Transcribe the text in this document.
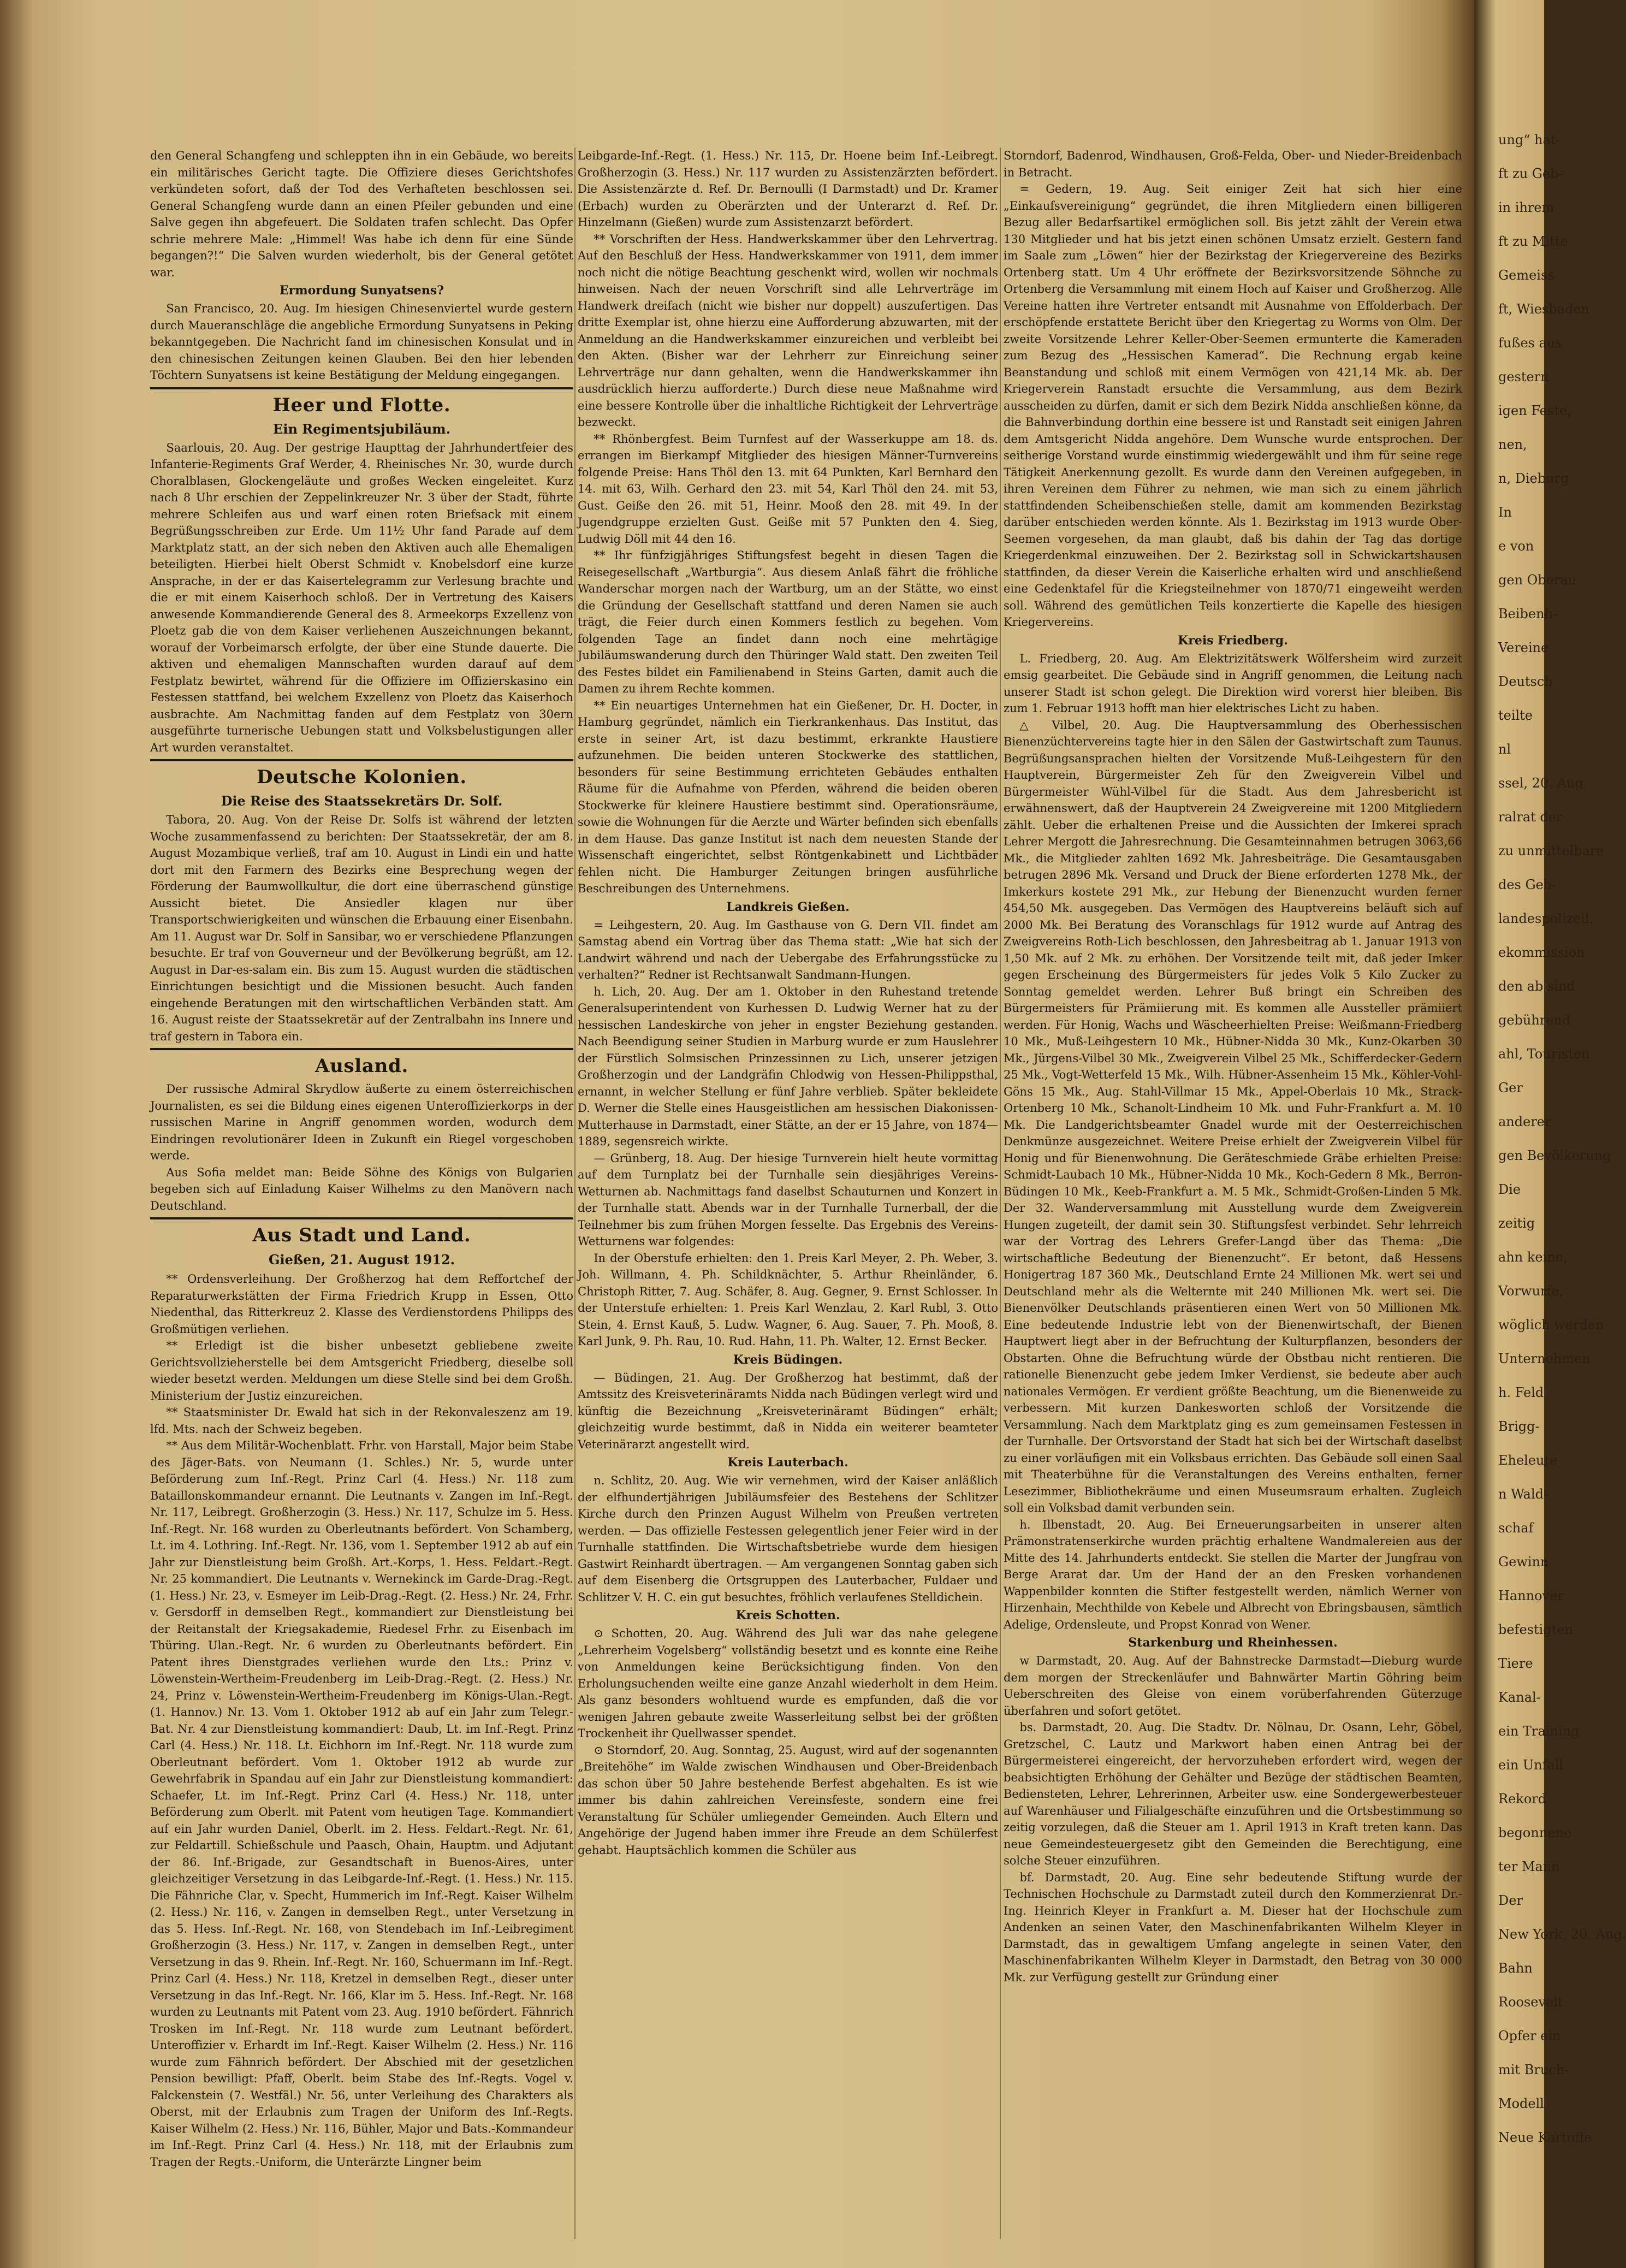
den General Schangfeng und schleppten ihn in ein Gebäude, wo bereits ein militärisches Gericht tagte. Die Offiziere dieses Gerichtshofes verkündeten sofort, daß der Tod des Verhafteten beschlossen sei. General Schangfeng wurde dann an einen Pfeiler gebunden und eine Salve gegen ihn abgefeuert. Die Soldaten trafen schlecht. Das Opfer schrie mehrere Male: „Himmel! Was habe ich denn für eine Sünde begangen?!“ Die Salven wurden wiederholt, bis der General getötet war.

Ermordung Sunyatsens?

San Francisco, 20. Aug. Im hiesigen Chinesenviertel wurde gestern durch Maueranschläge die angebliche Ermordung Sunyatsens in Peking bekanntgegeben. Die Nachricht fand im chinesischen Konsulat und in den chinesischen Zeitungen keinen Glauben. Bei den hier lebenden Töchtern Sunyatsens ist keine Bestätigung der Meldung eingegangen.

Heer und Flotte.
Ein Regimentsjubiläum.

Saarlouis, 20. Aug. Der gestrige Haupttag der Jahrhundertfeier des Infanterie-Regiments Graf Werder, 4. Rheinisches Nr. 30, wurde durch Choralblasen, Glockengeläute und großes Wecken eingeleitet. Kurz nach 8 Uhr erschien der Zeppelinkreuzer Nr. 3 über der Stadt, führte mehrere Schleifen aus und warf einen roten Briefsack mit einem Begrüßungsschreiben zur Erde. Um 11½ Uhr fand Parade auf dem Marktplatz statt, an der sich neben den Aktiven auch alle Ehemaligen beteiligten. Hierbei hielt Oberst Schmidt v. Knobelsdorf eine kurze Ansprache, in der er das Kaisertelegramm zur Verlesung brachte und die er mit einem Kaiserhoch schloß. Der in Vertretung des Kaisers anwesende Kommandierende General des 8. Armeekorps Exzellenz von Ploetz gab die von dem Kaiser verliehenen Auszeichnungen bekannt, worauf der Vorbeimarsch erfolgte, der über eine Stunde dauerte. Die aktiven und ehemaligen Mannschaften wurden darauf auf dem Festplatz bewirtet, während für die Offiziere im Offizierskasino ein Festessen stattfand, bei welchem Exzellenz von Ploetz das Kaiserhoch ausbrachte. Am Nachmittag fanden auf dem Festplatz von 30ern ausgeführte turnerische Uebungen statt und Volksbelustigungen aller Art wurden veranstaltet.

Deutsche Kolonien.
Die Reise des Staatssekretärs Dr. Solf.

Tabora, 20. Aug. Von der Reise Dr. Solfs ist während der letzten Woche zusammenfassend zu berichten: Der Staatssekretär, der am 8. August Mozambique verließ, traf am 10. August in Lindi ein und hatte dort mit den Farmern des Bezirks eine Besprechung wegen der Förderung der Baumwollkultur, die dort eine überraschend günstige Aussicht bietet. Die Ansiedler klagen nur über Transportschwierigkeiten und wünschen die Erbauung einer Eisenbahn. Am 11. August war Dr. Solf in Sansibar, wo er verschiedene Pflanzungen besuchte. Er traf von Gouverneur und der Bevölkerung begrüßt, am 12. August in Dar-es-salam ein. Bis zum 15. August wurden die städtischen Einrichtungen besichtigt und die Missionen besucht. Auch fanden eingehende Beratungen mit den wirtschaftlichen Verbänden statt. Am 16. August reiste der Staatssekretär auf der Zentralbahn ins Innere und traf gestern in Tabora ein.

Ausland.

Der russische Admiral Skrydlow äußerte zu einem österreichischen Journalisten, es sei die Bildung eines eigenen Unteroffizierkorps in der russischen Marine in Angriff genommen worden, wodurch dem Eindringen revolutionärer Ideen in Zukunft ein Riegel vorgeschoben werde.

Aus Sofia meldet man: Beide Söhne des Königs von Bulgarien begeben sich auf Einladung Kaiser Wilhelms zu den Manövern nach Deutschland.

Aus Stadt und Land.
Gießen, 21. August 1912.

** Ordensverleihung. Der Großherzog hat dem Reffortchef der Reparaturwerkstätten der Firma Friedrich Krupp in Essen, Otto Niedenthal, das Ritterkreuz 2. Klasse des Verdienstordens Philipps des Großmütigen verliehen.

** Erledigt ist die bisher unbesetzt gebliebene zweite Gerichtsvollzieherstelle bei dem Amtsgericht Friedberg, dieselbe soll wieder besetzt werden. Meldungen um diese Stelle sind bei dem Großh. Ministerium der Justiz einzureichen.

** Staatsminister Dr. Ewald hat sich in der Rekonvaleszenz am 19. lfd. Mts. nach der Schweiz begeben.

** Aus dem Militär-Wochenblatt. Frhr. von Harstall, Major beim Stabe des Jäger-Bats. von Neumann (1. Schles.) Nr. 5, wurde unter Beförderung zum Inf.-Regt. Prinz Carl (4. Hess.) Nr. 118 zum Bataillonskommandeur ernannt. Die Leutnants v. Zangen im Inf.-Regt. Nr. 117, Leibregt. Großherzogin (3. Hess.) Nr. 117, Schulze im 5. Hess. Inf.-Regt. Nr. 168 wurden zu Oberleutnants befördert. Von Schamberg, Lt. im 4. Lothring. Inf.-Regt. Nr. 136, vom 1. September 1912 ab auf ein Jahr zur Dienstleistung beim Großh. Art.-Korps, 1. Hess. Feldart.-Regt. Nr. 25 kommandiert. Die Leutnants v. Wernekinck im Garde-Drag.-Regt. (1. Hess.) Nr. 23, v. Esmeyer im Leib-Drag.-Regt. (2. Hess.) Nr. 24, Frhr. v. Gersdorff in demselben Regt., kommandiert zur Dienstleistung bei der Reitanstalt der Kriegsakademie, Riedesel Frhr. zu Eisenbach im Thüring. Ulan.-Regt. Nr. 6 wurden zu Oberleutnants befördert. Ein Patent ihres Dienstgrades verliehen wurde den Lts.: Prinz v. Löwenstein-Wertheim-Freudenberg im Leib-Drag.-Regt. (2. Hess.) Nr. 24, Prinz v. Löwenstein-Wertheim-Freudenberg im Königs-Ulan.-Regt. (1. Hannov.) Nr. 13. Vom 1. Oktober 1912 ab auf ein Jahr zum Telegr.-Bat. Nr. 4 zur Dienstleistung kommandiert: Daub, Lt. im Inf.-Regt. Prinz Carl (4. Hess.) Nr. 118. Lt. Eichhorn im Inf.-Regt. Nr. 118 wurde zum Oberleutnant befördert. Vom 1. Oktober 1912 ab wurde zur Gewehrfabrik in Spandau auf ein Jahr zur Dienstleistung kommandiert: Schaefer, Lt. im Inf.-Regt. Prinz Carl (4. Hess.) Nr. 118, unter Beförderung zum Oberlt. mit Patent vom heutigen Tage. Kommandiert auf ein Jahr wurden Daniel, Oberlt. im 2. Hess. Feldart.-Regt. Nr. 61, zur Feldartill. Schießschule und Paasch, Ohain, Hauptm. und Adjutant der 86. Inf.-Brigade, zur Gesandtschaft in Buenos-Aires, unter gleichzeitiger Versetzung in das Leibgarde-Inf.-Regt. (1. Hess.) Nr. 115. Die Fähnriche Clar, v. Specht, Hummerich im Inf.-Regt. Kaiser Wilhelm (2. Hess.) Nr. 116, v. Zangen in demselben Regt., unter Versetzung in das 5. Hess. Inf.-Regt. Nr. 168, von Stendebach im Inf.-Leibregiment Großherzogin (3. Hess.) Nr. 117, v. Zangen in demselben Regt., unter Versetzung in das 9. Rhein. Inf.-Regt. Nr. 160, Schuermann im Inf.-Regt. Prinz Carl (4. Hess.) Nr. 118, Kretzel in demselben Regt., dieser unter Versetzung in das Inf.-Regt. Nr. 166, Klar im 5. Hess. Inf.-Regt. Nr. 168 wurden zu Leutnants mit Patent vom 23. Aug. 1910 befördert. Fähnrich Trosken im Inf.-Regt. Nr. 118 wurde zum Leutnant befördert. Unteroffizier v. Erhardt im Inf.-Regt. Kaiser Wilhelm (2. Hess.) Nr. 116 wurde zum Fähnrich befördert. Der Abschied mit der gesetzlichen Pension bewilligt: Pfaff, Oberlt. beim Stabe des Inf.-Regts. Vogel v. Falckenstein (7. Westfäl.) Nr. 56, unter Verleihung des Charakters als Oberst, mit der Erlaubnis zum Tragen der Uniform des Inf.-Regts. Kaiser Wilhelm (2. Hess.) Nr. 116, Bühler, Major und Bats.-Kommandeur im Inf.-Regt. Prinz Carl (4. Hess.) Nr. 118, mit der Erlaubnis zum Tragen der Regts.-Uniform, die Unterärzte Lingner beim

Leibgarde-Inf.-Regt. (1. Hess.) Nr. 115, Dr. Hoene beim Inf.-Leibregt. Großherzogin (3. Hess.) Nr. 117 wurden zu Assistenzärzten befördert. Die Assistenzärzte d. Ref. Dr. Bernoulli (I Darmstadt) und Dr. Kramer (Erbach) wurden zu Oberärzten und der Unterarzt d. Ref. Dr. Hinzelmann (Gießen) wurde zum Assistenzarzt befördert.

** Vorschriften der Hess. Handwerkskammer über den Lehrvertrag. Auf den Beschluß der Hess. Handwerkskammer von 1911, dem immer noch nicht die nötige Beachtung geschenkt wird, wollen wir nochmals hinweisen. Nach der neuen Vorschrift sind alle Lehrverträge im Handwerk dreifach (nicht wie bisher nur doppelt) auszufertigen. Das dritte Exemplar ist, ohne hierzu eine Aufforderung abzuwarten, mit der Anmeldung an die Handwerkskammer einzureichen und verbleibt bei den Akten. (Bisher war der Lehrherr zur Einreichung seiner Lehrverträge nur dann gehalten, wenn die Handwerkskammer ihn ausdrücklich hierzu aufforderte.) Durch diese neue Maßnahme wird eine bessere Kontrolle über die inhaltliche Richtigkeit der Lehrverträge bezweckt.

** Rhönbergfest. Beim Turnfest auf der Wasserkuppe am 18. ds. errangen im Bierkampf Mitglieder des hiesigen Männer-Turnvereins folgende Preise: Hans Thöl den 13. mit 64 Punkten, Karl Bernhard den 14. mit 63, Wilh. Gerhard den 23. mit 54, Karl Thöl den 24. mit 53, Gust. Geiße den 26. mit 51, Heinr. Mooß den 28. mit 49. In der Jugendgruppe erzielten Gust. Geiße mit 57 Punkten den 4. Sieg, Ludwig Döll mit 44 den 16.

** Ihr fünfzigjähriges Stiftungsfest begeht in diesen Tagen die Reisegesellschaft „Wartburgia“. Aus diesem Anlaß fährt die fröhliche Wanderschar morgen nach der Wartburg, um an der Stätte, wo einst die Gründung der Gesellschaft stattfand und deren Namen sie auch trägt, die Feier durch einen Kommers festlich zu begehen. Vom folgenden Tage an findet dann noch eine mehrtägige Jubiläumswanderung durch den Thüringer Wald statt. Den zweiten Teil des Festes bildet ein Familienabend in Steins Garten, damit auch die Damen zu ihrem Rechte kommen.

** Ein neuartiges Unternehmen hat ein Gießener, Dr. H. Docter, in Hamburg gegründet, nämlich ein Tierkrankenhaus. Das Institut, das erste in seiner Art, ist dazu bestimmt, erkrankte Haustiere aufzunehmen. Die beiden unteren Stockwerke des stattlichen, besonders für seine Bestimmung errichteten Gebäudes enthalten Räume für die Aufnahme von Pferden, während die beiden oberen Stockwerke für kleinere Haustiere bestimmt sind. Operationsräume, sowie die Wohnungen für die Aerzte und Wärter befinden sich ebenfalls in dem Hause. Das ganze Institut ist nach dem neuesten Stande der Wissenschaft eingerichtet, selbst Röntgenkabinett und Lichtbäder fehlen nicht. Die Hamburger Zeitungen bringen ausführliche Beschreibungen des Unternehmens.

Landkreis Gießen.

= Leihgestern, 20. Aug. Im Gasthause von G. Dern VII. findet am Samstag abend ein Vortrag über das Thema statt: „Wie hat sich der Landwirt während und nach der Uebergabe des Erfahrungsstücke zu verhalten?“ Redner ist Rechtsanwalt Sandmann-Hungen.

h. Lich, 20. Aug. Der am 1. Oktober in den Ruhestand tretende Generalsuperintendent von Kurhessen D. Ludwig Werner hat zu der hessischen Landeskirche von jeher in engster Beziehung gestanden. Nach Beendigung seiner Studien in Marburg wurde er zum Hauslehrer der Fürstlich Solmsischen Prinzessinnen zu Lich, unserer jetzigen Großherzogin und der Landgräfin Chlodwig von Hessen-Philippsthal, ernannt, in welcher Stellung er fünf Jahre verblieb. Später bekleidete D. Werner die Stelle eines Hausgeistlichen am hessischen Diakonissen-Mutterhause in Darmstadt, einer Stätte, an der er 15 Jahre, von 1874—1889, segensreich wirkte.

— Grünberg, 18. Aug. Der hiesige Turnverein hielt heute vormittag auf dem Turnplatz bei der Turnhalle sein diesjähriges Vereins-Wetturnen ab. Nachmittags fand daselbst Schauturnen und Konzert in der Turnhalle statt. Abends war in der Turnhalle Turnerball, der die Teilnehmer bis zum frühen Morgen fesselte. Das Ergebnis des Vereins-Wetturnens war folgendes:

In der Oberstufe erhielten: den 1. Preis Karl Meyer, 2. Ph. Weber, 3. Joh. Willmann, 4. Ph. Schildknächter, 5. Arthur Rheinländer, 6. Christoph Ritter, 7. Aug. Schäfer, 8. Aug. Gegner, 9. Ernst Schlosser. In der Unterstufe erhielten: 1. Preis Karl Wenzlau, 2. Karl Rubl, 3. Otto Stein, 4. Ernst Kauß, 5. Ludw. Wagner, 6. Aug. Sauer, 7. Ph. Mooß, 8. Karl Junk, 9. Ph. Rau, 10. Rud. Hahn, 11. Ph. Walter, 12. Ernst Becker.

Kreis Büdingen.

— Büdingen, 21. Aug. Der Großherzog hat bestimmt, daß der Amtssitz des Kreisveterinäramts Nidda nach Büdingen verlegt wird und künftig die Bezeichnung „Kreisveterinäramt Büdingen“ erhält; gleichzeitig wurde bestimmt, daß in Nidda ein weiterer beamteter Veterinärarzt angestellt wird.

Kreis Lauterbach.

n. Schlitz, 20. Aug. Wie wir vernehmen, wird der Kaiser anläßlich der elfhundertjährigen Jubiläumsfeier des Bestehens der Schlitzer Kirche durch den Prinzen August Wilhelm von Preußen vertreten werden. — Das offizielle Festessen gelegentlich jener Feier wird in der Turnhalle stattfinden. Die Wirtschaftsbetriebe wurde dem hiesigen Gastwirt Reinhardt übertragen. — Am vergangenen Sonntag gaben sich auf dem Eisenberg die Ortsgruppen des Lauterbacher, Fuldaer und Schlitzer V. H. C. ein gut besuchtes, fröhlich verlaufenes Stelldichein.

Kreis Schotten.

⊙ Schotten, 20. Aug. Während des Juli war das nahe gelegene „Lehrerheim Vogelsberg“ vollständig besetzt und es konnte eine Reihe von Anmeldungen keine Berücksichtigung finden. Von den Erholungsuchenden weilte eine ganze Anzahl wiederholt in dem Heim. Als ganz besonders wohltuend wurde es empfunden, daß die vor wenigen Jahren gebaute zweite Wasserleitung selbst bei der größten Trockenheit ihr Quellwasser spendet.

⊙ Storndorf, 20. Aug. Sonntag, 25. August, wird auf der sogenannten „Breitehöhe“ im Walde zwischen Windhausen und Ober-Breidenbach das schon über 50 Jahre bestehende Berfest abgehalten. Es ist wie immer bis dahin zahlreichen Vereinsfeste, sondern eine frei Veranstaltung für Schüler umliegender Gemeinden. Auch Eltern und Angehörige der Jugend haben immer ihre Freude an dem Schülerfest gehabt. Hauptsächlich kommen die Schüler aus

Storndorf, Badenrod, Windhausen, Groß-Felda, Ober- und Nieder-Breidenbach in Betracht.

= Gedern, 19. Aug. Seit einiger Zeit hat sich hier eine „Einkaufsvereinigung“ gegründet, die ihren Mitgliedern einen billigeren Bezug aller Bedarfsartikel ermöglichen soll. Bis jetzt zählt der Verein etwa 130 Mitglieder und hat bis jetzt einen schönen Umsatz erzielt. Gestern fand im Saale zum „Löwen“ hier der Bezirkstag der Kriegervereine des Bezirks Ortenberg statt. Um 4 Uhr eröffnete der Bezirksvorsitzende Söhnche zu Ortenberg die Versammlung mit einem Hoch auf Kaiser und Großherzog. Alle Vereine hatten ihre Vertreter entsandt mit Ausnahme von Effolderbach. Der erschöpfende erstattete Bericht über den Kriegertag zu Worms von Olm. Der zweite Vorsitzende Lehrer Keller-Ober-Seemen ermunterte die Kameraden zum Bezug des „Hessischen Kamerad“. Die Rechnung ergab keine Beanstandung und schloß mit einem Vermögen von 421,14 Mk. ab. Der Kriegerverein Ranstadt ersuchte die Versammlung, aus dem Bezirk ausscheiden zu dürfen, damit er sich dem Bezirk Nidda anschließen könne, da die Bahnverbindung dorthin eine bessere ist und Ranstadt seit einigen Jahren dem Amtsgericht Nidda angehöre. Dem Wunsche wurde entsprochen. Der seitherige Vorstand wurde einstimmig wiedergewählt und ihm für seine rege Tätigkeit Anerkennung gezollt. Es wurde dann den Vereinen aufgegeben, in ihren Vereinen dem Führer zu nehmen, wie man sich zu einem jährlich stattfindenden Scheibenschießen stelle, damit am kommenden Bezirkstag darüber entschieden werden könnte. Als 1. Bezirkstag im 1913 wurde Ober-Seemen vorgesehen, da man glaubt, daß bis dahin der Tag das dortige Kriegerdenkmal einzuweihen. Der 2. Bezirkstag soll in Schwickartshausen stattfinden, da dieser Verein die Kaiserliche erhalten wird und anschließend eine Gedenktafel für die Kriegsteilnehmer von 1870/71 eingeweiht werden soll. Während des gemütlichen Teils konzertierte die Kapelle des hiesigen Kriegervereins.

Kreis Friedberg.

L. Friedberg, 20. Aug. Am Elektrizitätswerk Wölfersheim wird zurzeit emsig gearbeitet. Die Gebäude sind in Angriff genommen, die Leitung nach unserer Stadt ist schon gelegt. Die Direktion wird vorerst hier bleiben. Bis zum 1. Februar 1913 hofft man hier elektrisches Licht zu haben.

△ Vilbel, 20. Aug. Die Hauptversammlung des Oberhessischen Bienenzüchtervereins tagte hier in den Sälen der Gastwirtschaft zum Taunus. Begrüßungsansprachen hielten der Vorsitzende Muß-Leihgestern für den Hauptverein, Bürgermeister Zeh für den Zweigverein Vilbel und Bürgermeister Wühl-Vilbel für die Stadt. Aus dem Jahresbericht ist erwähnenswert, daß der Hauptverein 24 Zweigvereine mit 1200 Mitgliedern zählt. Ueber die erhaltenen Preise und die Aussichten der Imkerei sprach Lehrer Mergott die Jahresrechnung. Die Gesamteinnahmen betrugen 3063,66 Mk., die Mitglieder zahlten 1692 Mk. Jahresbeiträge. Die Gesamtausgaben betrugen 2896 Mk. Versand und Druck der Biene erforderten 1278 Mk., der Imkerkurs kostete 291 Mk., zur Hebung der Bienenzucht wurden ferner 454,50 Mk. ausgegeben. Das Vermögen des Hauptvereins beläuft sich auf 2000 Mk. Bei Beratung des Voranschlags für 1912 wurde auf Antrag des Zweigvereins Roth-Lich beschlossen, den Jahresbeitrag ab 1. Januar 1913 von 1,50 Mk. auf 2 Mk. zu erhöhen. Der Vorsitzende teilt mit, daß jeder Imker gegen Erscheinung des Bürgermeisters für jedes Volk 5 Kilo Zucker zu Sonntag gemeldet werden. Lehrer Buß bringt ein Schreiben des Bürgermeisters für Prämiierung mit. Es kommen alle Aussteller prämiiert werden. Für Honig, Wachs und Wäscheerhielten Preise: Weißmann-Friedberg 10 Mk., Muß-Leihgestern 10 Mk., Hübner-Nidda 30 Mk., Kunz-Okarben 30 Mk., Jürgens-Vilbel 30 Mk., Zweigverein Vilbel 25 Mk., Schifferdecker-Gedern 25 Mk., Vogt-Wetterfeld 15 Mk., Wilh. Hübner-Assenheim 15 Mk., Köhler-Vohl-Göns 15 Mk., Aug. Stahl-Villmar 15 Mk., Appel-Oberlais 10 Mk., Strack-Ortenberg 10 Mk., Schanolt-Lindheim 10 Mk. und Fuhr-Frankfurt a. M. 10 Mk. Die Landgerichtsbeamter Gnadel wurde mit der Oesterreichischen Denkmünze ausgezeichnet. Weitere Preise erhielt der Zweigverein Vilbel für Honig und für Bienenwohnung. Die Geräteschmiede Gräbe erhielten Preise: Schmidt-Laubach 10 Mk., Hübner-Nidda 10 Mk., Koch-Gedern 8 Mk., Berron-Büdingen 10 Mk., Keeb-Frankfurt a. M. 5 Mk., Schmidt-Großen-Linden 5 Mk. Der 32. Wanderversammlung mit Ausstellung wurde dem Zweigverein Hungen zugeteilt, der damit sein 30. Stiftungsfest verbindet. Sehr lehrreich war der Vortrag des Lehrers Grefer-Langd über das Thema: „Die wirtschaftliche Bedeutung der Bienenzucht“. Er betont, daß Hessens Honigertrag 187 360 Mk., Deutschland Ernte 24 Millionen Mk. wert sei und Deutschland mehr als die Welternte mit 240 Millionen Mk. wert sei. Die Bienenvölker Deutschlands präsentieren einen Wert von 50 Millionen Mk. Eine bedeutende Industrie lebt von der Bienenwirtschaft, der Bienen Hauptwert liegt aber in der Befruchtung der Kulturpflanzen, besonders der Obstarten. Ohne die Befruchtung würde der Obstbau nicht rentieren. Die rationelle Bienenzucht gebe jedem Imker Verdienst, sie bedeute aber auch nationales Vermögen. Er verdient größte Beachtung, um die Bienenweide zu verbessern. Mit kurzen Dankesworten schloß der Vorsitzende die Versammlung. Nach dem Marktplatz ging es zum gemeinsamen Festessen in der Turnhalle. Der Ortsvorstand der Stadt hat sich bei der Wirtschaft daselbst zu einer vorläufigen mit ein Volksbaus errichten. Das Gebäude soll einen Saal mit Theaterbühne für die Veranstaltungen des Vereins enthalten, ferner Lesezimmer, Bibliothekräume und einen Museumsraum erhalten. Zugleich soll ein Volksbad damit verbunden sein.

h. Ilbenstadt, 20. Aug. Bei Erneuerungsarbeiten in unserer alten Prämonstratenserkirche wurden prächtig erhaltene Wandmalereien aus der Mitte des 14. Jahrhunderts entdeckt. Sie stellen die Marter der Jungfrau von Berge Ararat dar. Um der Hand der an den Fresken vorhandenen Wappenbilder konnten die Stifter festgestellt werden, nämlich Werner von Hirzenhain, Mechthilde von Kebele und Albrecht von Ebringsbausen, sämtlich Adelige, Ordensleute, und Propst Konrad von Wener.

Starkenburg und Rheinhessen.

w Darmstadt, 20. Aug. Auf der Bahnstrecke Darmstadt—Dieburg wurde dem morgen der Streckenläufer und Bahnwärter Martin Göhring beim Ueberschreiten des Gleise von einem vorüberfahrenden Güterzuge überfahren und sofort getötet.

bs. Darmstadt, 20. Aug. Die Stadtv. Dr. Nölnau, Dr. Osann, Lehr, Göbel, Gretzschel, C. Lautz und Markwort haben einen Antrag bei der Bürgermeisterei eingereicht, der hervorzuheben erfordert wird, wegen der beabsichtigten Erhöhung der Gehälter und Bezüge der städtischen Beamten, Bediensteten, Lehrer, Lehrerinnen, Arbeiter usw. eine Sondergewerbesteuer auf Warenhäuser und Filialgeschäfte einzuführen und die Ortsbestimmung so zeitig vorzulegen, daß die Steuer am 1. April 1913 in Kraft treten kann. Das neue Gemeindesteuergesetz gibt den Gemeinden die Berechtigung, eine solche Steuer einzuführen.

bf. Darmstadt, 20. Aug. Eine sehr bedeutende Stiftung wurde der Technischen Hochschule zu Darmstadt zuteil durch den Kommerzienrat Dr.-Ing. Heinrich Kleyer in Frankfurt a. M. Dieser hat der Hochschule zum Andenken an seinen Vater, den Maschinenfabrikanten Wilhelm Kleyer in Darmstadt, das in gewaltigem Umfang angelegte in seinen Vater, den Maschinenfabrikanten Wilhelm Kleyer in Darmstadt, den Betrag von 30 000 Mk. zur Verfügung gestellt zur Gründung einer

ung“ hat-
ft zu Geb-
in ihrem
ft zu Mitte
Gemeiss
ft, Wiesbaden
fußes aus
gestern
igen Feste,
nen,
n, Dieburg
In
e von
gen Oberau
Beibenh-
Vereine
Deutsch
teilte
nl
ssel, 20. Aug.
ralrat der
zu unmittelbare
des Geh-
landespolizeil.
ekommission
den ab sind
gebührend
ahl, Touristen
Ger
anderer
gen Bevölkerung
Die
zeitig
ahn keine,
Vorwurfe,
wöglich werden
Unternehmen
h. Feld
Brigg-
Eheleute
n Wald-
schaf
Gewinn
Hannover
befestigten
Tiere
Kanal-
ein Training
ein Unfall
Rekord
begonnene
ter Mann
Der
New York, 20. Aug.
Bahn
Roosevelt
Opfer ein
mit Bruch-
Modell
Neue Kartoffe
